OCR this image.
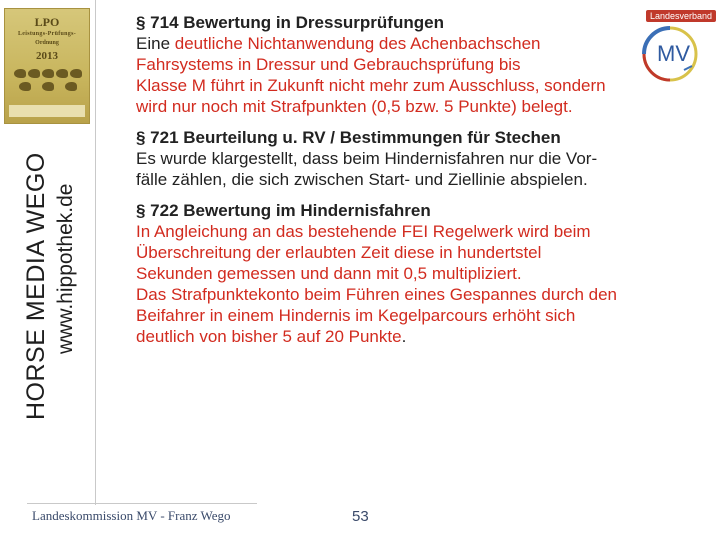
LPO
Leistungs-Prüfungs-
Ordnung
2013
HORSE MEDIA WEGO www.hippothek.de
MV
Landesverband
§ 714 Bewertung in Dressurprüfungen
Eine deutliche Nichtanwendung des Achenbachschen
Fahrsystems in Dressur und Gebrauchsprüfung bis
Klasse M führt in Zukunft nicht mehr zum Ausschluss, sondern
wird nur noch mit Strafpunkten (0,5 bzw. 5 Punkte) belegt.
§ 721 Beurteilung u. RV / Bestimmungen für Stechen
Es wurde klargestellt, dass beim Hindernisfahren nur die Vor-
fälle zählen, die sich zwischen Start- und Ziellinie abspielen.
§ 722 Bewertung im Hindernisfahren
In Angleichung an das bestehende FEI Regelwerk wird beim
Überschreitung der erlaubten Zeit diese in hundertstel
Sekunden gemessen und dann mit 0,5 multipliziert.
Das Strafpunktekonto beim Führen eines Gespannes durch den
Beifahrer in einem Hindernis im Kegelparcours erhöht sich
deutlich von bisher 5 auf 20 Punkte.
Landeskommission MV - Franz Wego	53
